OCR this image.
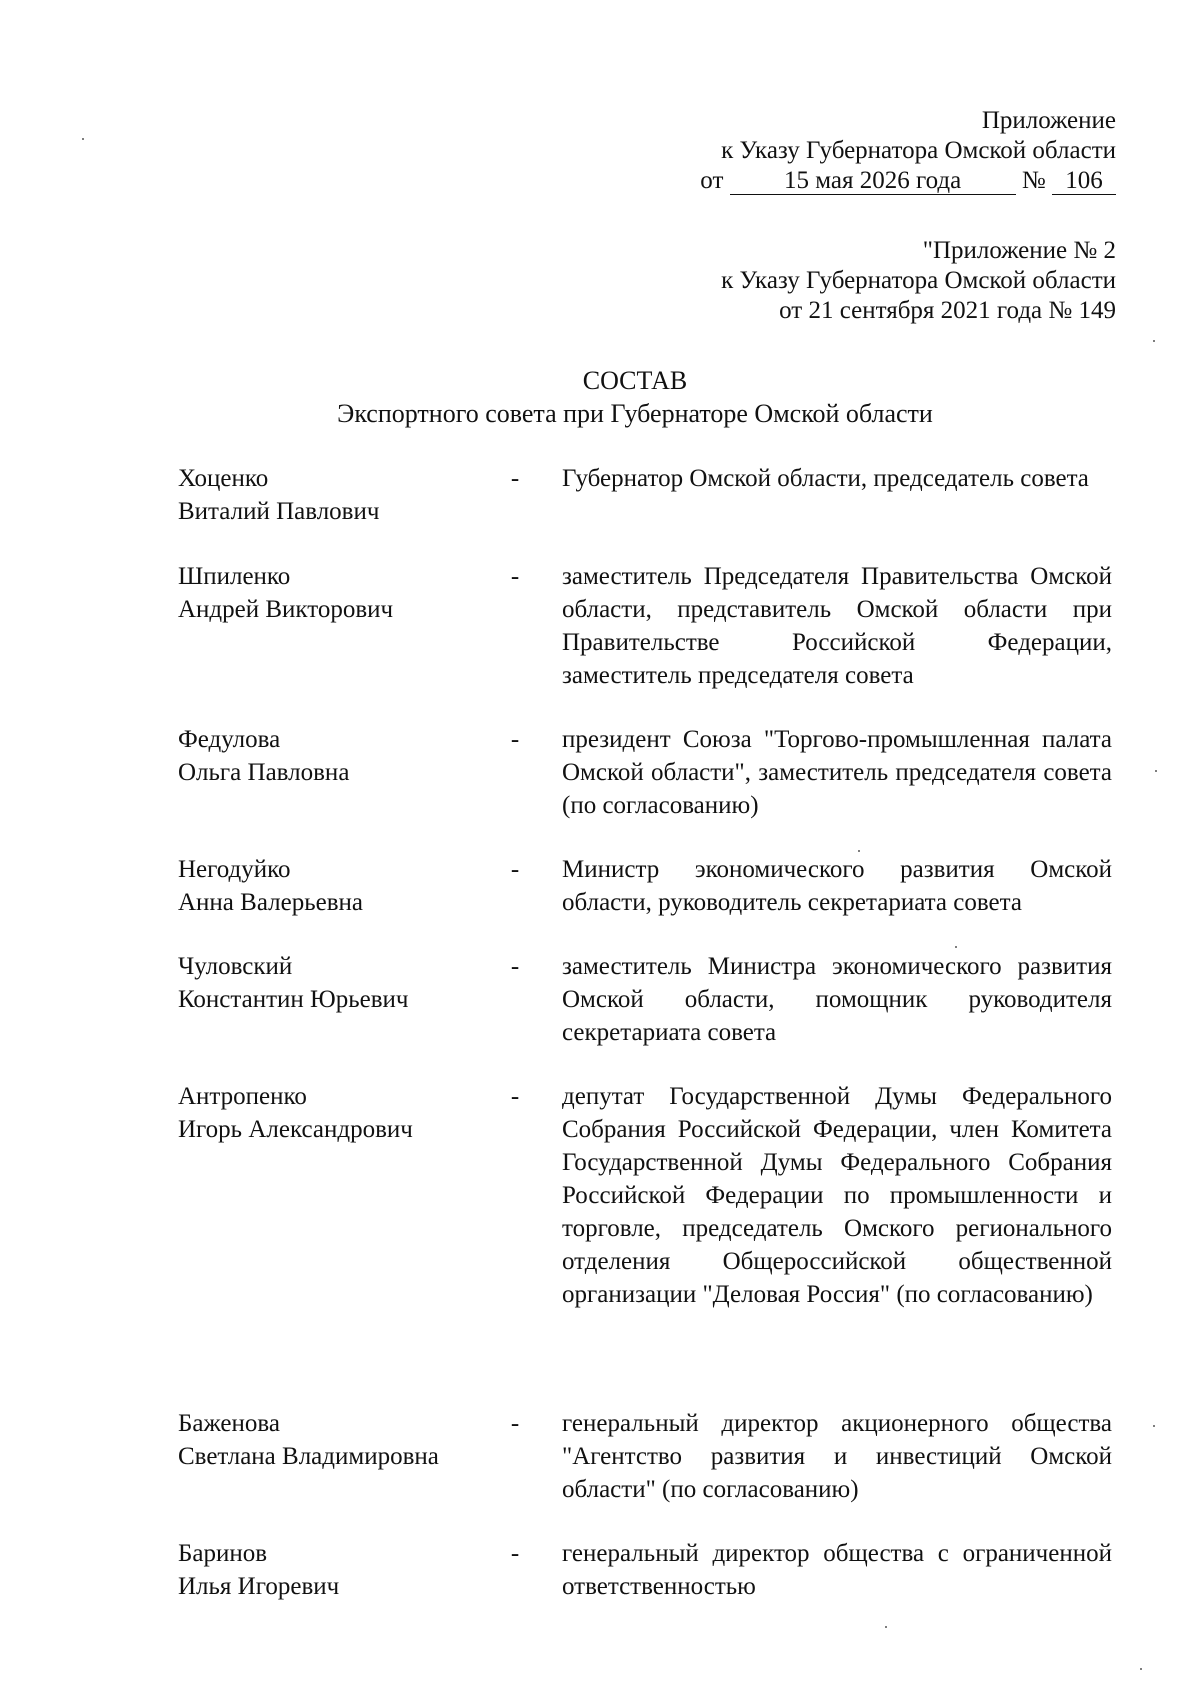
Приложение
к Указу Губернатора Омской области
от 15 мая 2026 года № 106
"Приложение № 2
к Указу Губернатора Омской области
от 21 сентября 2021 года № 149
СОСТАВ
Экспортного совета при Губернаторе Омской области
Хоценко
Виталий Павлович
- Губернатор Омской области, председатель совета
Шпиленко
Андрей Викторович
- заместитель Председателя Правительства Омской области, представитель Омской области при Правительстве Российской Федерации, заместитель председателя совета
Федулова
Ольга Павловна
- президент Союза "Торгово-промышленная палата Омской области", заместитель председателя совета (по согласованию)
Негодуйко
Анна Валерьевна
- Министр экономического развития Омской области, руководитель секретариата совета
Чуловский
Константин Юрьевич
- заместитель Министра экономического развития Омской области, помощник руководителя секретариата совета
Антропенко
Игорь Александрович
- депутат Государственной Думы Федерального Собрания Российской Федерации, член Комитета Государственной Думы Федерального Собрания Российской Федерации по промышленности и торговле, председатель Омского регионального отделения Общероссийской общественной организации "Деловая Россия" (по согласованию)
Баженова
Светлана Владимировна
- генеральный директор акционерного общества "Агентство развития и инвестиций Омской области" (по согласованию)
Баринов
Илья Игоревич
- генеральный директор общества с ограниченной ответственностью
